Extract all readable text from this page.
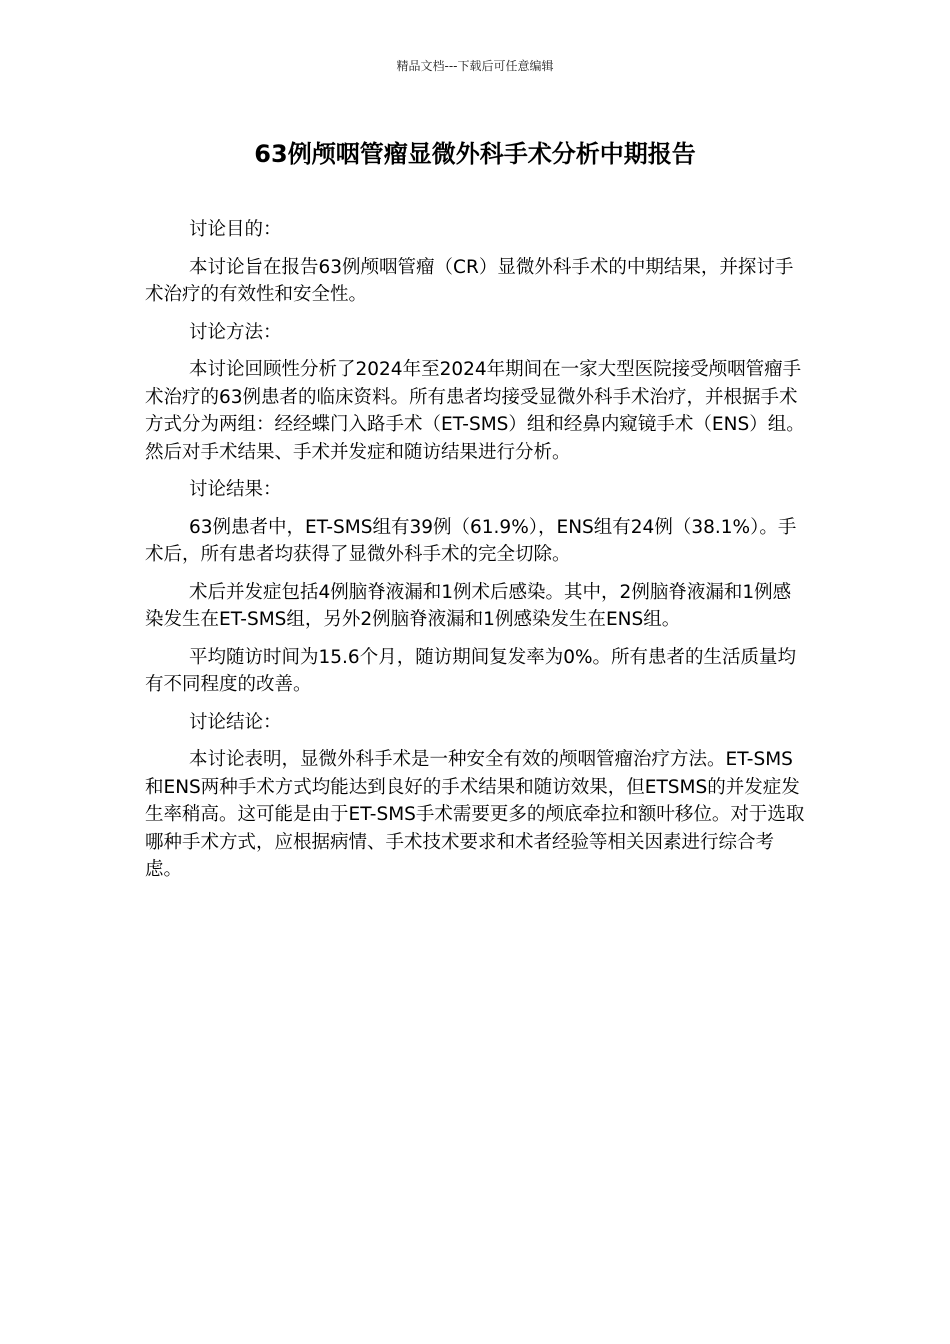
精品文档---下载后可任意编辑
63例颅咽管瘤显微外科手术分析中期报告

讨论目的：

本讨论旨在报告63例颅咽管瘤（CR）显微外科手术的中期结果，并探讨手术治疗的有效性和安全性。

讨论方法：

本讨论回顾性分析了2024年至2024年期间在一家大型医院接受颅咽管瘤手术治疗的63例患者的临床资料。所有患者均接受显微外科手术治疗，并根据手术方式分为两组：经经蝶门入路手术（ET-SMS）组和经鼻内窥镜手术（ENS）组。然后对手术结果、手术并发症和随访结果进行分析。

讨论结果：

63例患者中，ET-SMS组有39例（61.9%），ENS组有24例（38.1%）。手术后，所有患者均获得了显微外科手术的完全切除。

术后并发症包括4例脑脊液漏和1例术后感染。其中，2例脑脊液漏和1例感染发生在ET-SMS组，另外2例脑脊液漏和1例感染发生在ENS组。

平均随访时间为15.6个月，随访期间复发率为0%。所有患者的生活质量均有不同程度的改善。

讨论结论：

本讨论表明，显微外科手术是一种安全有效的颅咽管瘤治疗方法。ET-SMS和ENS两种手术方式均能达到良好的手术结果和随访效果，但ETSMS的并发症发生率稍高。这可能是由于ET-SMS手术需要更多的颅底牵拉和额叶移位。对于选取哪种手术方式，应根据病情、手术技术要求和术者经验等相关因素进行综合考虑。
